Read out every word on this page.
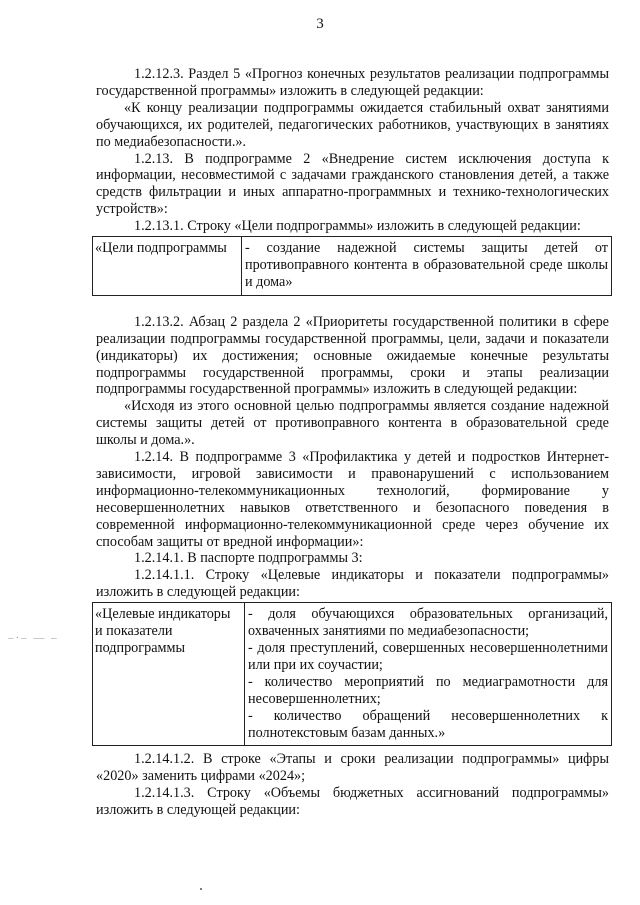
3
–·– — –

1.2.12.3. Раздел 5 «Прогноз конечных результатов реализации подпрограммы государственной программы» изложить в следующей редакции:

«К концу реализации подпрограммы ожидается стабильный охват занятиями обучающихся, их родителей, педагогических работников, участвующих в занятиях по медиабезопасности.».

1.2.13. В подпрограмме 2 «Внедрение систем исключения доступа к информации, несовместимой с задачами гражданского становления детей, а также средств фильтрации и иных аппаратно-программных и технико-технологических устройств»:

1.2.13.1. Строку «Цели подпрограммы» изложить в следующей редакции:

«Цели подпрограммы	- создание надежной системы защиты детей от противоправного контента в образовательной среде школы и дома»

1.2.13.2. Абзац 2 раздела 2 «Приоритеты государственной политики в сфере реализации подпрограммы государственной программы, цели, задачи и показатели (индикаторы) их достижения; основные ожидаемые конечные результаты подпрограммы государственной программы, сроки и этапы реализации подпрограммы государственной программы» изложить в следующей редакции:

«Исходя из этого основной целью подпрограммы является создание надежной системы защиты детей от противоправного контента в образовательной среде школы и дома.».

1.2.14. В подпрограмме 3 «Профилактика у детей и подростков Интернет-зависимости, игровой зависимости и правонарушений с использованием информационно-телекоммуникационных технологий, формирование у несовершеннолетних навыков ответственного и безопасного поведения в современной информационно-телекоммуникационной среде через обучение их способам защиты от вредной информации»:

1.2.14.1. В паспорте подпрограммы 3:

1.2.14.1.1. Строку «Целевые индикаторы и показатели подпрограммы» изложить в следующей редакции:

«Целевые индикаторы и показатели подпрограммы

- доля обучающихся образовательных организаций, охваченных занятиями по медиабезопасности;

- доля преступлений, совершенных несовершеннолетними или при их соучастии;

- количество мероприятий по медиаграмотности для несовершеннолетних;

- количество обращений несовершеннолетних к полнотекстовым базам данных.»

1.2.14.1.2. В строке «Этапы и сроки реализации подпрограммы» цифры «2020» заменить цифрами «2024»;

1.2.14.1.3. Строку «Объемы бюджетных ассигнований подпрограммы» изложить в следующей редакции:
